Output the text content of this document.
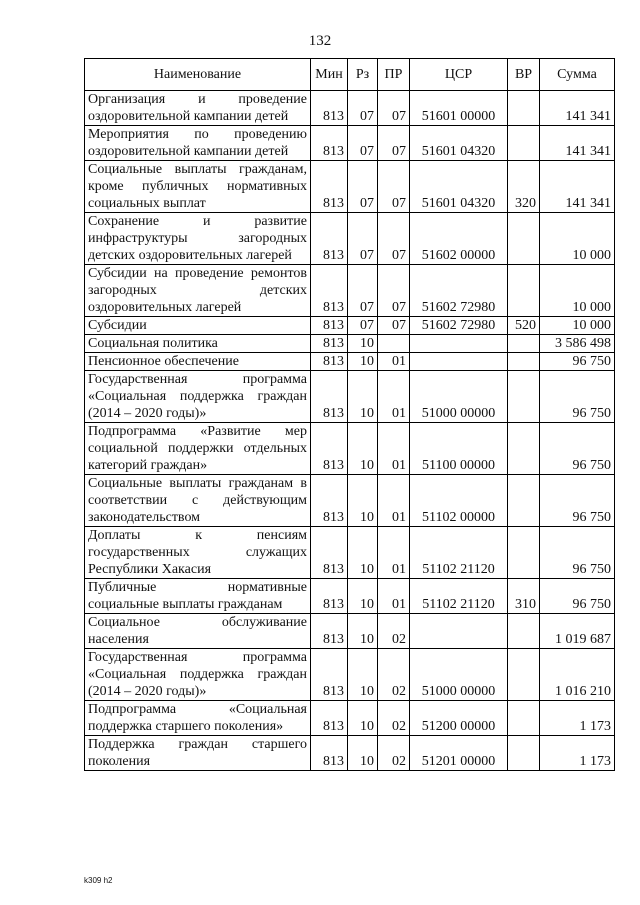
132
Наименование	Мин	Рз	ПР	ЦСР	ВР	Сумма
Организация и проведение оздоровительной кампании детей	813	07	07	51601 00000		141 341
Мероприятия по проведению оздоровительной кампании детей	813	07	07	51601 04320		141 341
Социальные выплаты гражданам, кроме публичных нормативных социальных выплат	813	07	07	51601 04320	320	141 341
Сохранение и развитие инфраструктуры загородных детских оздоровительных лагерей	813	07	07	51602 00000		10 000
Субсидии на проведение ремонтов загородных детских оздоровительных лагерей	813	07	07	51602 72980		10 000
Субсидии	813	07	07	51602 72980	520	10 000
Социальная политика	813	10				3 586 498
Пенсионное обеспечение	813	10	01			96 750
Государственная программа «Социальная поддержка граждан (2014 – 2020 годы)»	813	10	01	51000 00000		96 750
Подпрограмма «Развитие мер социальной поддержки отдельных категорий граждан»	813	10	01	51100 00000		96 750
Социальные выплаты гражданам в соответствии с действующим законодательством	813	10	01	51102 00000		96 750
Доплаты к пенсиям государственных служащих Республики Хакасия	813	10	01	51102 21120		96 750
Публичные нормативные социальные выплаты гражданам	813	10	01	51102 21120	310	96 750
Социальное обслуживание населения	813	10	02			1 019 687
Государственная программа «Социальная поддержка граждан (2014 – 2020 годы)»	813	10	02	51000 00000		1 016 210
Подпрограмма «Социальная поддержка старшего поколения»	813	10	02	51200 00000		1 173
Поддержка граждан старшего поколения	813	10	02	51201 00000		1 173
k309 h2
